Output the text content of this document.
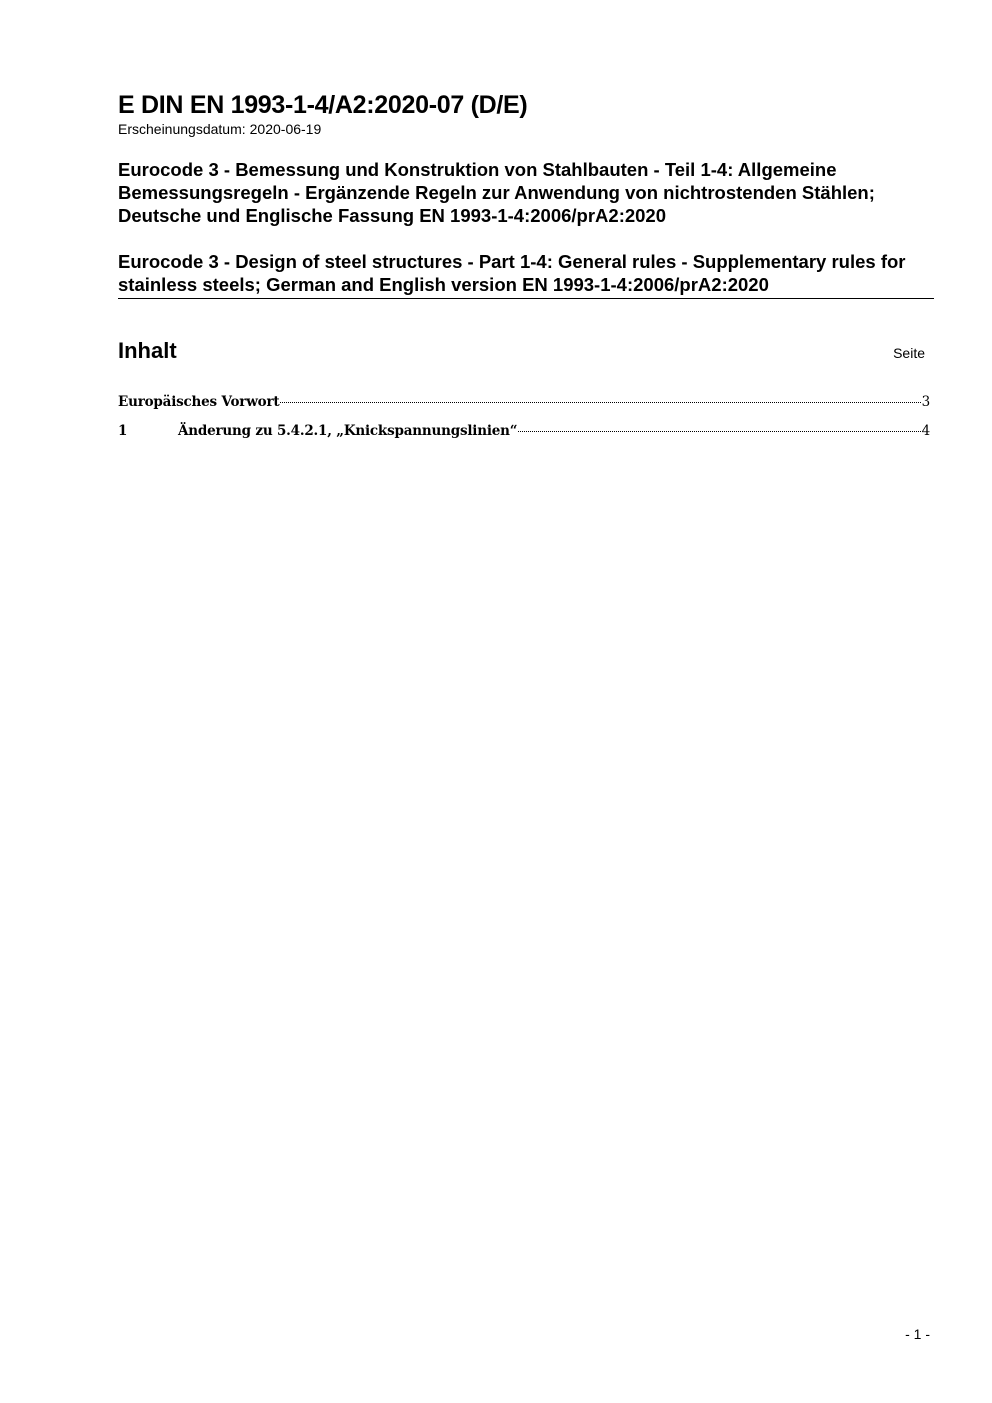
E DIN EN 1993-1-4/A2:2020-07 (D/E)

Erscheinungsdatum: 2020-06-19

Eurocode 3 - Bemessung und Konstruktion von Stahlbauten - Teil 1-4: Allgemeine Bemessungsregeln - Ergänzende Regeln zur Anwendung von nichtrostenden Stählen; Deutsche und Englische Fassung EN 1993-1-4:2006/prA2:2020

Eurocode 3 - Design of steel structures - Part 1-4: General rules - Supplementary rules for stainless steels; German and English version EN 1993-1-4:2006/prA2:2020

Inhalt	Seite
Europäisches Vorwort	3
1	Änderung zu 5.4.2.1, „Knickspannungslinien“	4
- 1 -
